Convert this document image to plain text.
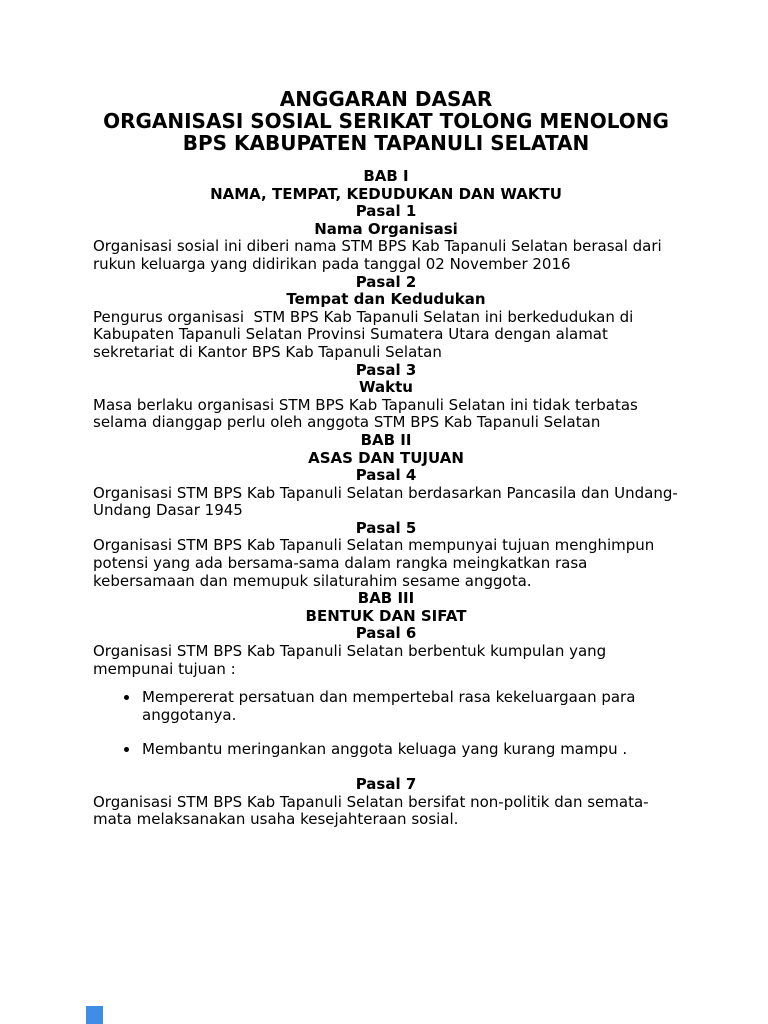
ANGGARAN DASAR
ORGANISASI SOSIAL SERIKAT TOLONG MENOLONG
BPS KABUPATEN TAPANULI SELATAN
BAB I
NAMA, TEMPAT, KEDUDUKAN DAN WAKTU
Pasal 1
Nama Organisasi

Organisasi sosial ini diberi nama STM BPS Kab Tapanuli Selatan berasal dari rukun keluarga yang didirikan pada tanggal 02 November 2016

Pasal 2
Tempat dan Kedudukan

Pengurus organisasi  STM BPS Kab Tapanuli Selatan ini berkedudukan di Kabupaten Tapanuli Selatan Provinsi Sumatera Utara dengan alamat sekretariat di Kantor BPS Kab Tapanuli Selatan

Pasal 3
Waktu

Masa berlaku organisasi STM BPS Kab Tapanuli Selatan ini tidak terbatas selama dianggap perlu oleh anggota STM BPS Kab Tapanuli Selatan

BAB II
ASAS DAN TUJUAN
Pasal 4

Organisasi STM BPS Kab Tapanuli Selatan berdasarkan Pancasila dan Undang-Undang Dasar 1945

Pasal 5

Organisasi STM BPS Kab Tapanuli Selatan mempunyai tujuan menghimpun potensi yang ada bersama-sama dalam rangka meingkatkan rasa kebersamaan dan memupuk silaturahim sesame anggota.

BAB III
BENTUK DAN SIFAT
Pasal 6

Organisasi STM BPS Kab Tapanuli Selatan berbentuk kumpulan yang mempunai tujuan :

• Mempererat persatuan dan mempertebal rasa kekeluargaan para anggotanya.
• Membantu meringankan anggota keluaga yang kurang mampu .
Pasal 7

Organisasi STM BPS Kab Tapanuli Selatan bersifat non-politik dan semata-mata melaksanakan usaha kesejahteraan sosial.
